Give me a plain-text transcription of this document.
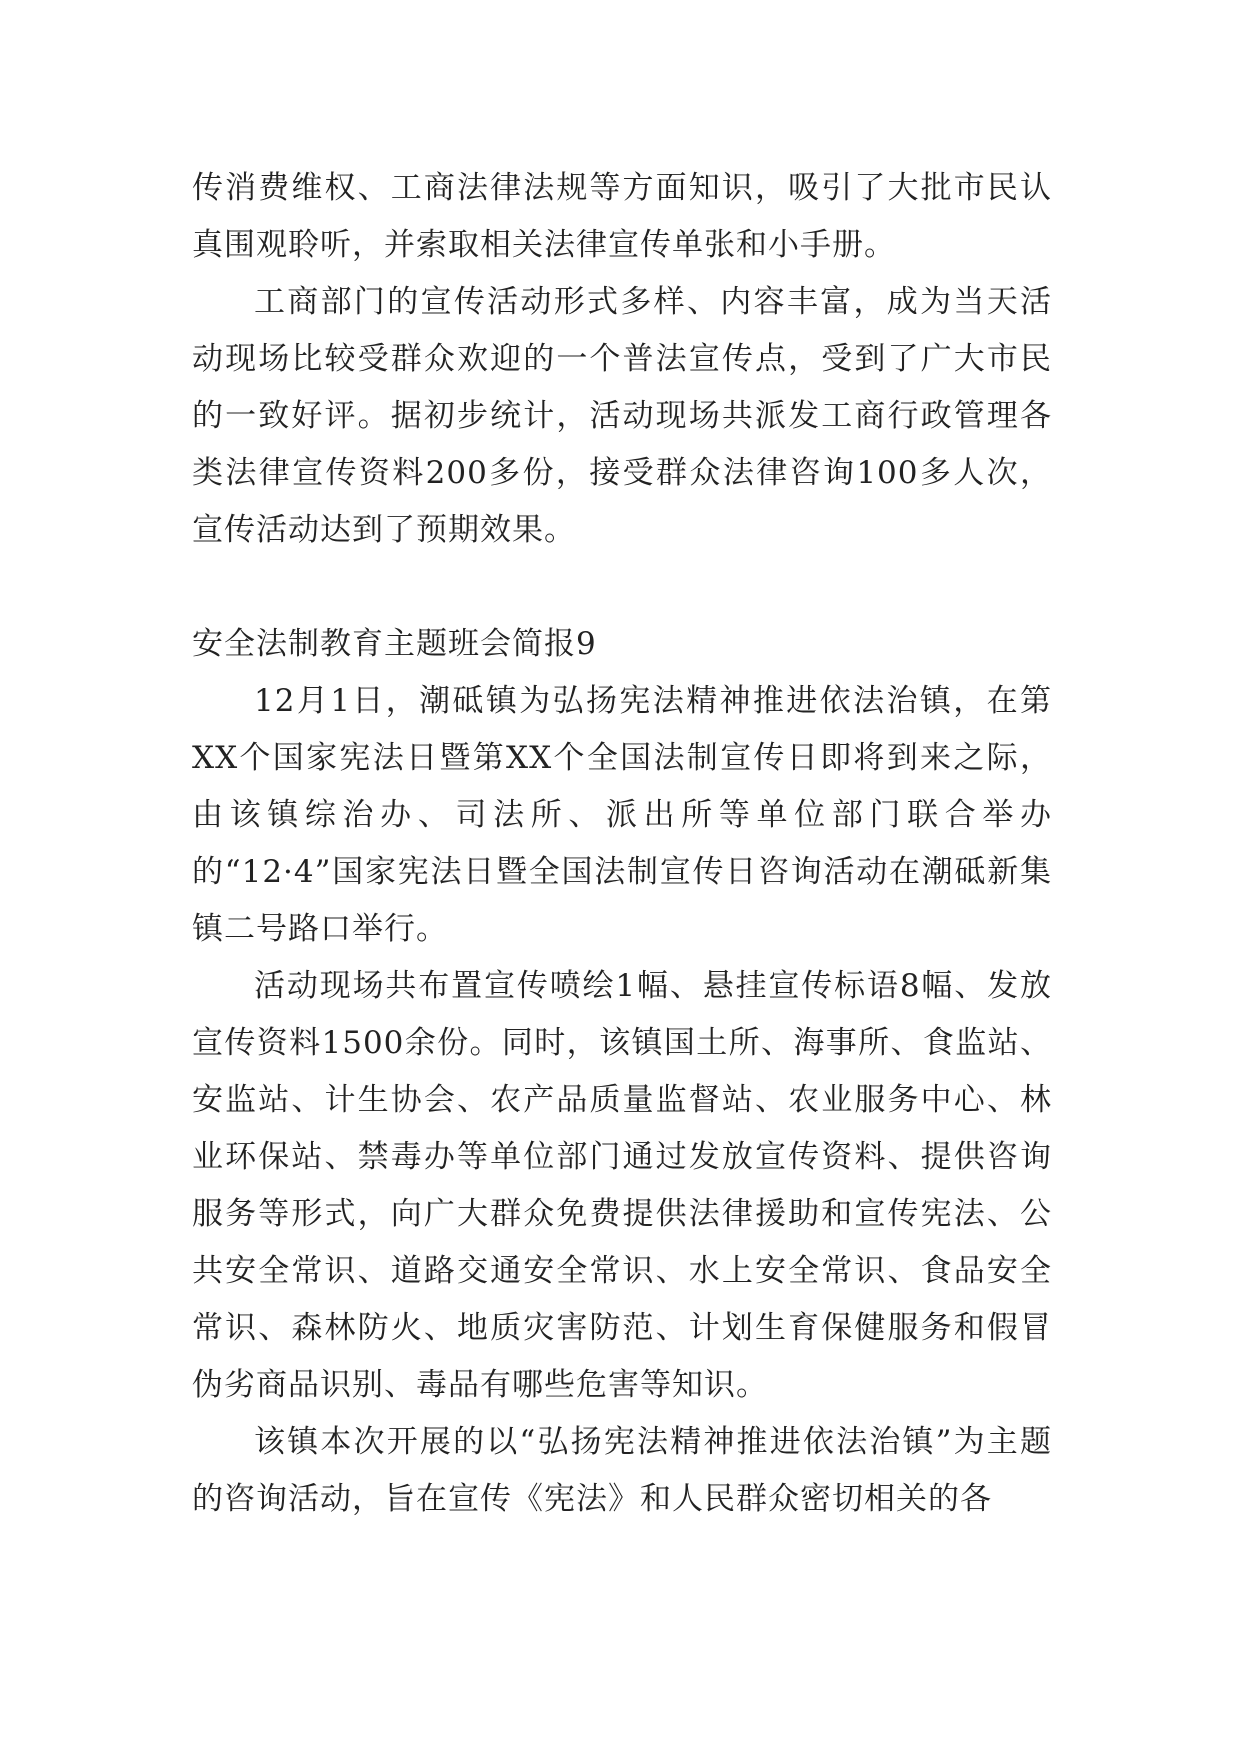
传消费维权、工商法律法规等方面知识，吸引了大批市民认真围观聆听，并索取相关法律宣传单张和小手册。

工商部门的宣传活动形式多样、内容丰富，成为当天活动现场比较受群众欢迎的一个普法宣传点，受到了广大市民的一致好评。据初步统计，活动现场共派发工商行政管理各类法律宣传资料200多份，接受群众法律咨询100多人次，宣传活动达到了预期效果。

安全法制教育主题班会简报9

12月1日，潮砥镇为弘扬宪法精神推进依法治镇，在第XX个国家宪法日暨第XX个全国法制宣传日即将到来之际，由该镇综治办、司法所、派出所等单位部门联合举办的“12·4”国家宪法日暨全国法制宣传日咨询活动在潮砥新集镇二号路口举行。

活动现场共布置宣传喷绘1幅、悬挂宣传标语8幅、发放宣传资料1500余份。同时，该镇国土所、海事所、食监站、安监站、计生协会、农产品质量监督站、农业服务中心、林业环保站、禁毒办等单位部门通过发放宣传资料、提供咨询服务等形式，向广大群众免费提供法律援助和宣传宪法、公共安全常识、道路交通安全常识、水上安全常识、食品安全常识、森林防火、地质灾害防范、计划生育保健服务和假冒伪劣商品识别、毒品有哪些危害等知识。

该镇本次开展的以“弘扬宪法精神推进依法治镇”为主题的咨询活动，旨在宣传《宪法》和人民群众密切相关的各
